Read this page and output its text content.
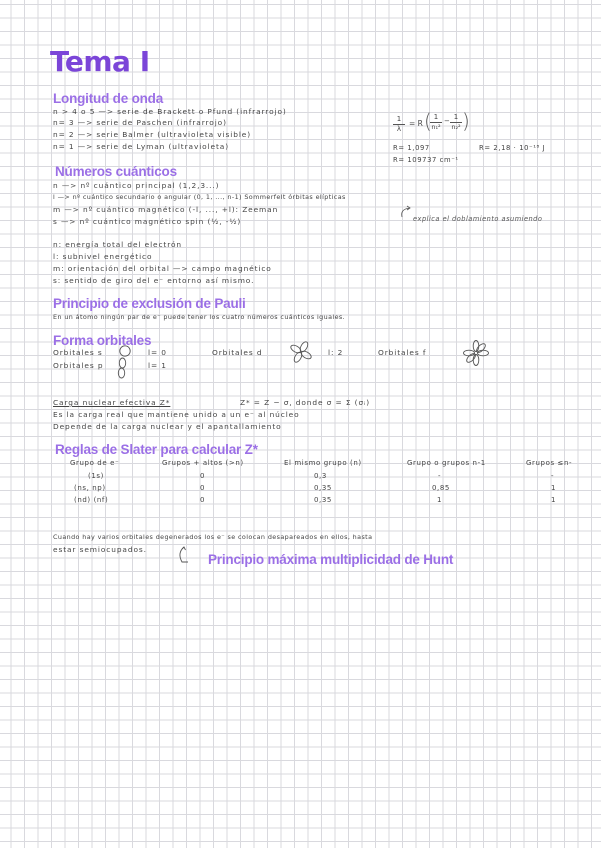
Tema I
Longitud de onda
n > 4 o 5 —> serie de Brackett o Pfund (infrarrojo)
n= 3 —> serie de Paschen (infrarrojo)
n= 2 —> serie Balmer (ultravioleta visible)
n= 1 —> serie de Lyman (ultravioleta)
1
λ
= R ( 1
n₁²
− 1
n₂² )
R= 1,097
R= 109737 cm⁻¹
R= 2,18 · 10⁻¹⁸ J
Números cuánticos
n —> nº cuántico principal (1,2,3...)
l —> nº cuántico secundario o angular (0, 1, ..., n-1) Sommerfelt órbitas elípticas
m —> nº cuántico magnético (-l, ..., +l): Zeeman
s —> nº cuántico magnético spin (½, -½)	explica el doblamiento asumiendo
n: energía total del electrón
l: subnivel energético
m: orientación del orbital —> campo magnético
s: sentido de giro del e⁻ entorno así mismo.
Principio de exclusión de Pauli
En un átomo ningún par de e⁻ puede tener los cuatro números cuánticos iguales.
Forma orbitales
Orbitales s	l= 0
Orbitales p	l= 1
Orbitales d	l: 2	Orbitales f
Carga nuclear efectiva Z*	Z* = Z − σ, donde σ = Σ (σᵢ)
Es la carga real que mantiene unido a un e⁻ al núcleo
Depende de la carga nuclear y el apantallamiento
Reglas de Slater para calcular Z*
Grupo de e⁻	Grupos + altos (>n)	El mismo grupo (n)	Grupo o grupos n-1	Grupos ≤n-
(1s)	0	0,3	-	-
(ns, np)	0	0,35	0,85	1
(nd) (nf)	0	0,35	1	1
Cuando hay varios orbitales degenerados los e⁻ se colocan desapareados en ellos, hasta
estar semiocupados.
Principio máxima multiplicidad de Hunt
